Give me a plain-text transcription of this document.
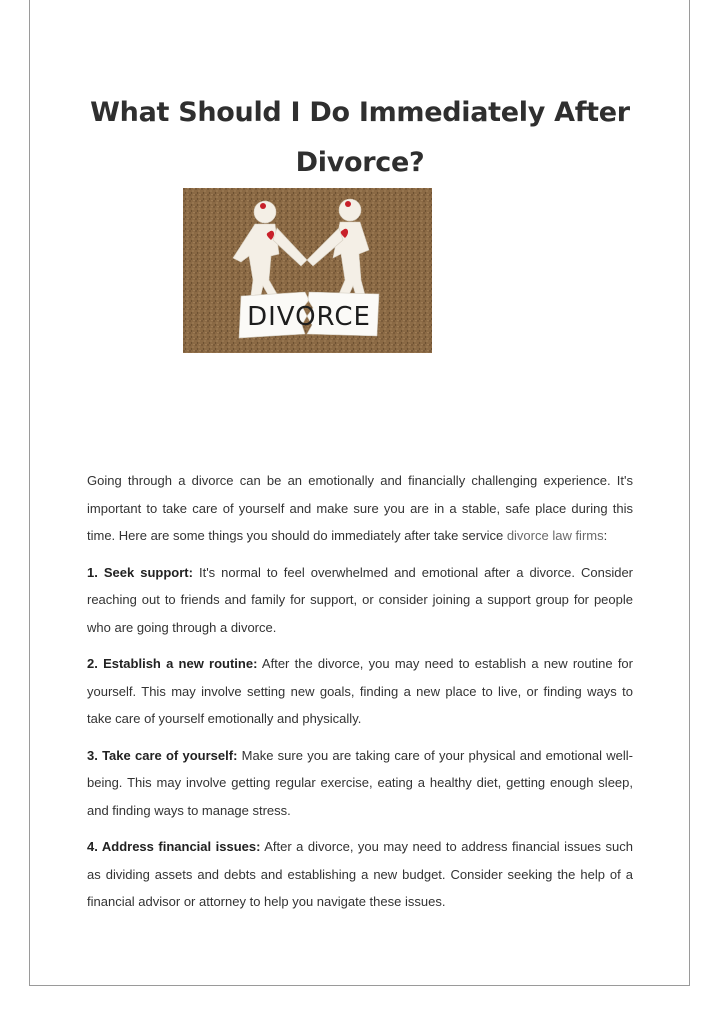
What Should I Do Immediately After Divorce?
DIVORCE

Going through a divorce can be an emotionally and financially challenging experience. It's important to take care of yourself and make sure you are in a stable, safe place during this time. Here are some things you should do immediately after take service divorce law firms:

1. Seek support: It's normal to feel overwhelmed and emotional after a divorce. Consider reaching out to friends and family for support, or consider joining a support group for people who are going through a divorce.

2. Establish a new routine: After the divorce, you may need to establish a new routine for yourself. This may involve setting new goals, finding a new place to live, or finding ways to take care of yourself emotionally and physically.

3. Take care of yourself: Make sure you are taking care of your physical and emotional well-being. This may involve getting regular exercise, eating a healthy diet, getting enough sleep, and finding ways to manage stress.

4. Address financial issues: After a divorce, you may need to address financial issues such as dividing assets and debts and establishing a new budget. Consider seeking the help of a financial advisor or attorney to help you navigate these issues.
